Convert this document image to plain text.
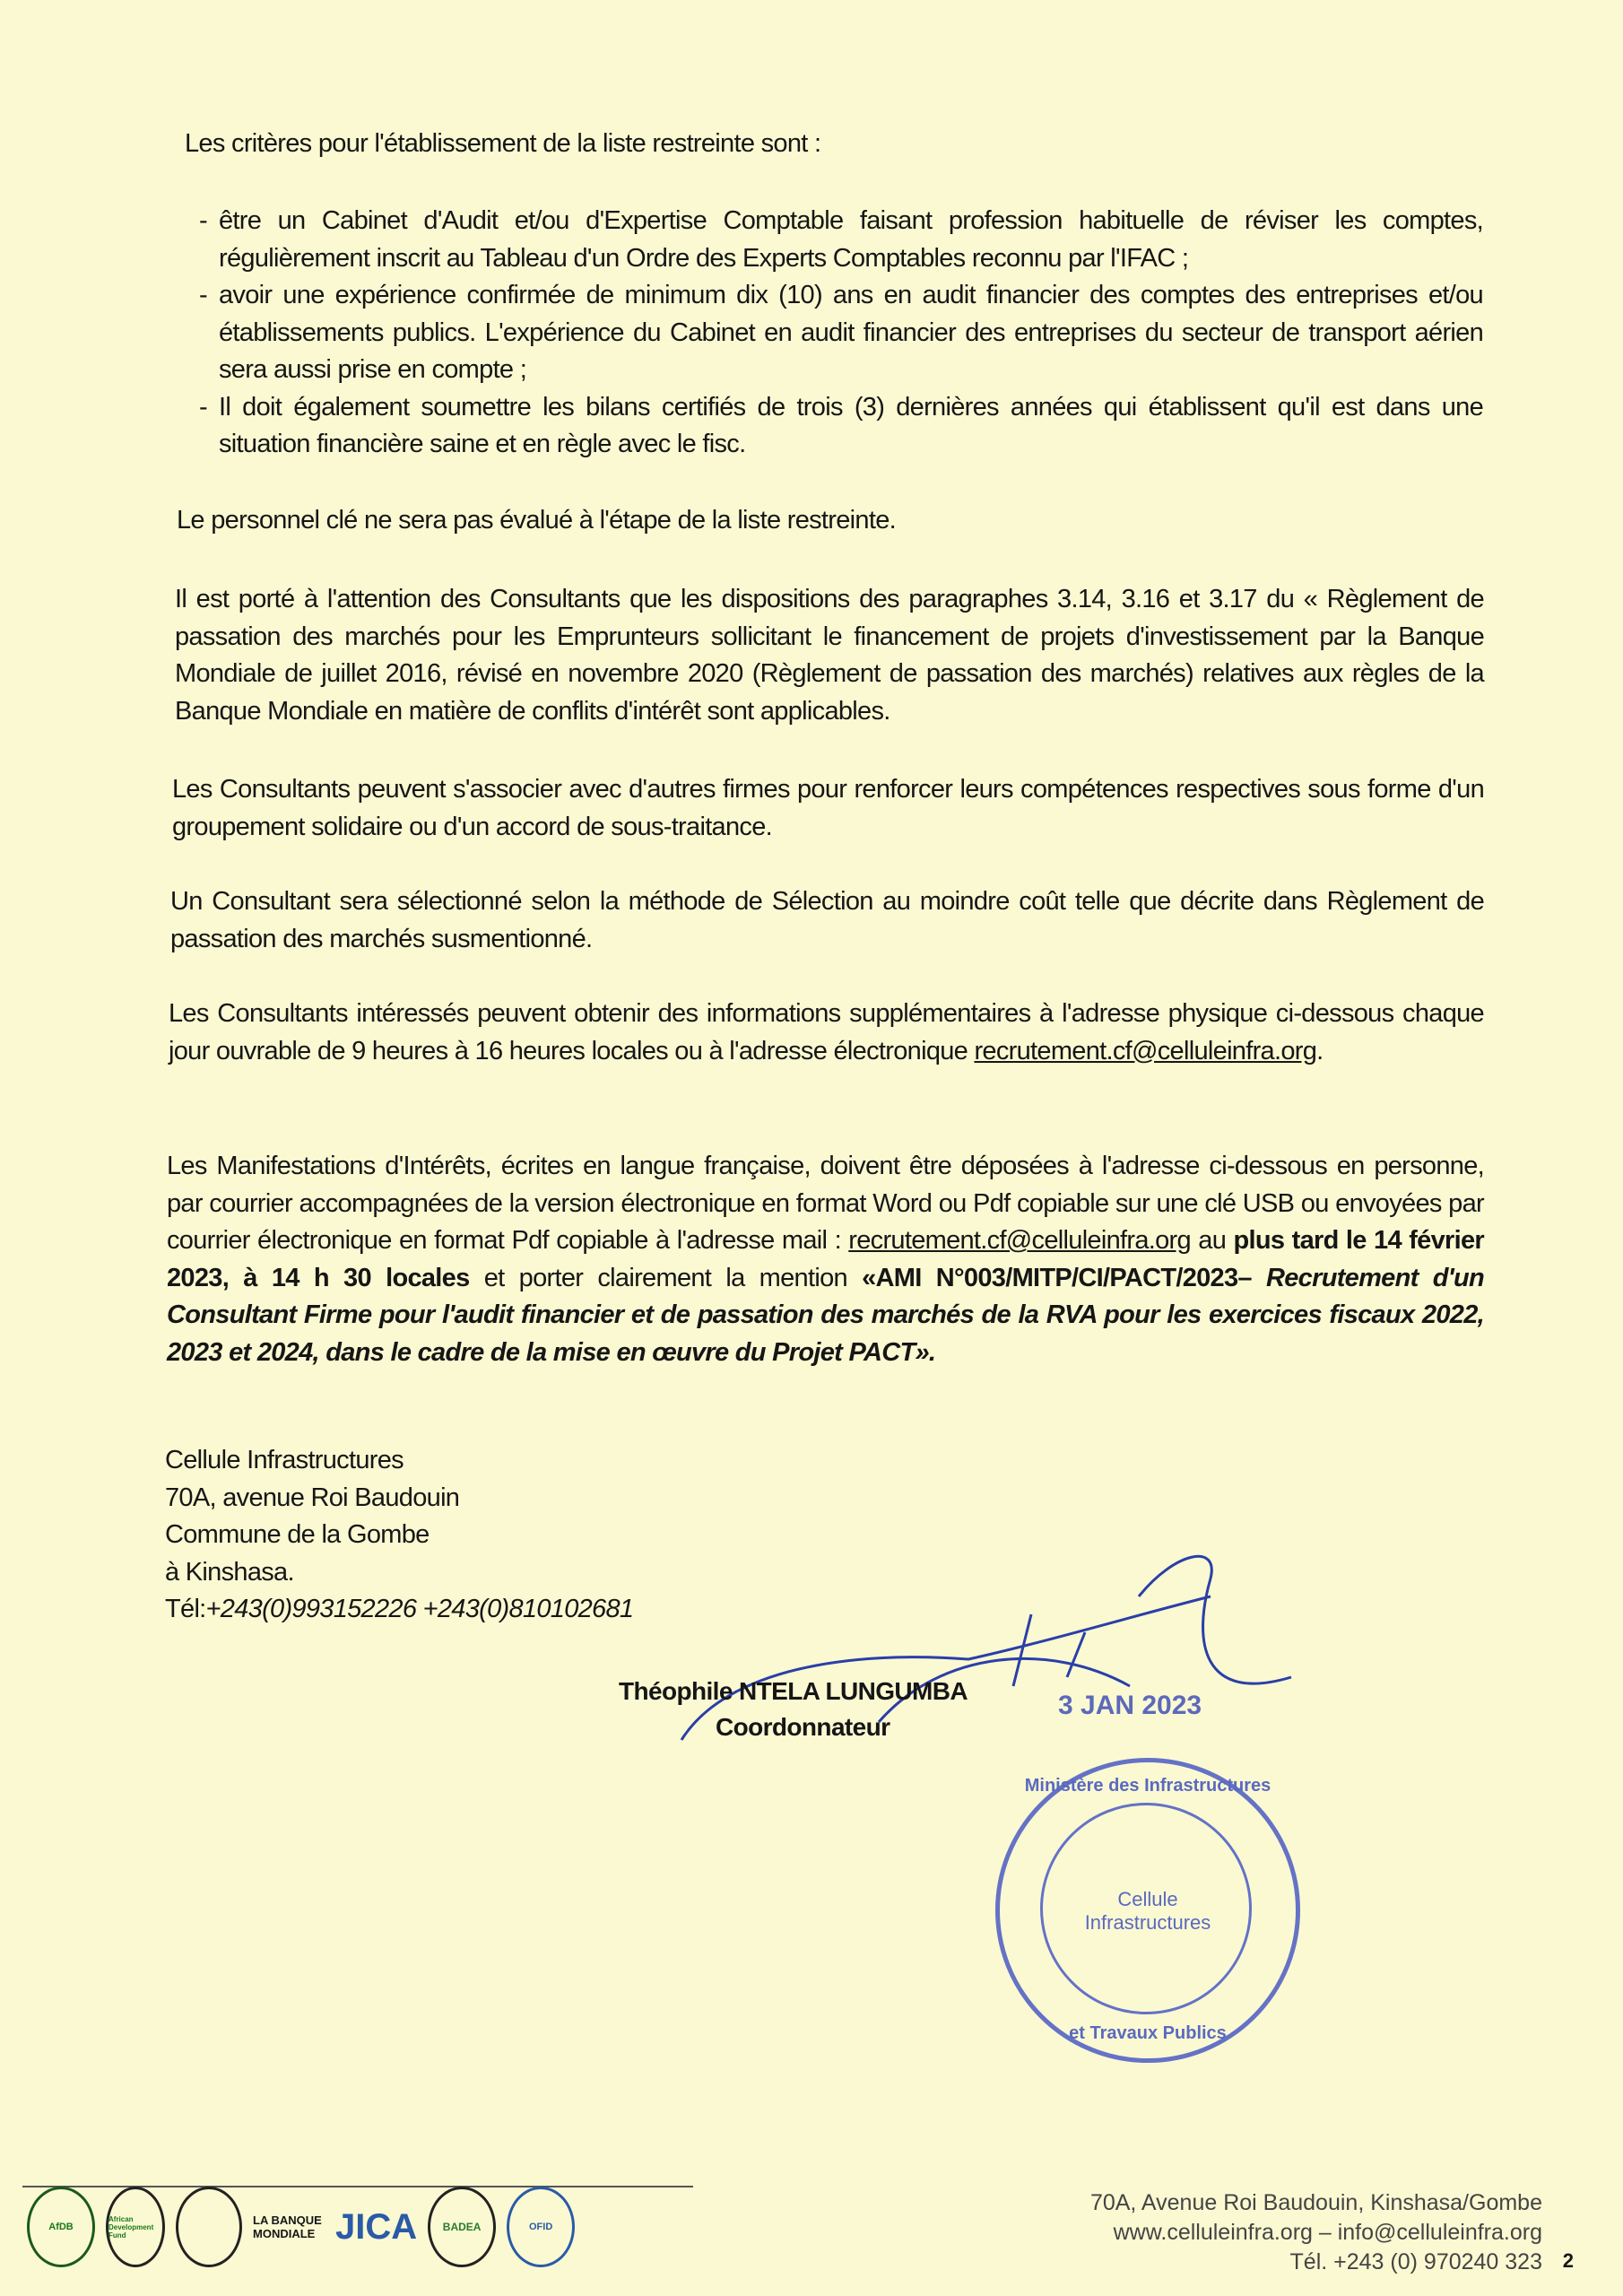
Les critères pour l'établissement de la liste restreinte sont :
- être un Cabinet d'Audit et/ou d'Expertise Comptable faisant profession habituelle de réviser les comptes, régulièrement inscrit au Tableau d'un Ordre des Experts Comptables reconnu par l'IFAC ;
- avoir une expérience confirmée de minimum dix (10) ans en audit financier des comptes des entreprises et/ou établissements publics. L'expérience du Cabinet en audit financier des entreprises du secteur de transport aérien sera aussi prise en compte ;
- Il doit également soumettre les bilans certifiés de trois (3) dernières années qui établissent qu'il est dans une situation financière saine et en règle avec le fisc.
Le personnel clé ne sera pas évalué à l'étape de la liste restreinte.
Il est porté à l'attention des Consultants que les dispositions des paragraphes 3.14, 3.16 et 3.17 du « Règlement de passation des marchés pour les Emprunteurs sollicitant le financement de projets d'investissement par la Banque Mondiale de juillet 2016, révisé en novembre 2020 (Règlement de passation des marchés) relatives aux règles de la Banque Mondiale en matière de conflits d'intérêt sont applicables.
Les Consultants peuvent s'associer avec d'autres firmes pour renforcer leurs compétences respectives sous forme d'un groupement solidaire ou d'un accord de sous-traitance.
Un Consultant sera sélectionné selon la méthode de Sélection au moindre coût telle que décrite dans Règlement de passation des marchés susmentionné.
Les Consultants intéressés peuvent obtenir des informations supplémentaires à l'adresse physique ci-dessous chaque jour ouvrable de 9 heures à 16 heures locales ou à l'adresse électronique recrutement.cf@celluleinfra.org.
Les Manifestations d'Intérêts, écrites en langue française, doivent être déposées à l'adresse ci-dessous en personne, par courrier accompagnées de la version électronique en format Word ou Pdf copiable sur une clé USB ou envoyées par courrier électronique en format Pdf copiable à l'adresse mail : recrutement.cf@celluleinfra.org au plus tard le 14 février 2023, à 14 h 30 locales et porter clairement la mention «AMI N°003/MITP/CI/PACT/2023– Recrutement d'un Consultant Firme pour l'audit financier et de passation des marchés de la RVA pour les exercices fiscaux 2022, 2023 et 2024, dans le cadre de la mise en œuvre du Projet PACT».

Cellule Infrastructures

70A, avenue Roi Baudouin

Commune de la Gombe

à Kinshasa.

Tél:+243(0)993152226 +243(0)810102681

Théophile NTELA LUNGUMBA
Coordonnateur
3 JAN 2023
Ministère des Infrastructures
Cellule Infrastructures
et Travaux Publics
AfDB
African Development Fund
LA BANQUE MONDIALE JICA	BADEA	OFID
70A, Avenue Roi Baudouin, Kinshasa/Gombe
www.celluleinfra.org – info@celluleinfra.org
Tél. +243 (0) 970240 323 2
